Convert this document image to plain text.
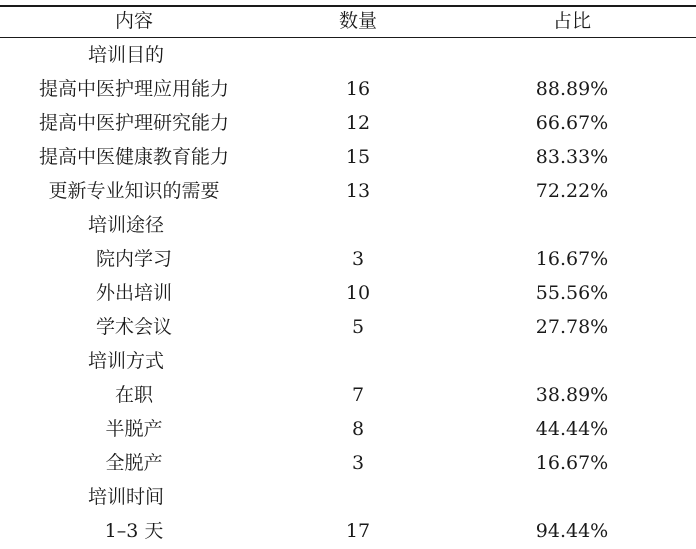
内容	数量	占比
培训目的
提高中医护理应用能力	16	88.89%
提高中医护理研究能力	12	66.67%
提高中医健康教育能力	15	83.33%
更新专业知识的需要	13	72.22%
培训途径
院内学习	3	16.67%
外出培训	10	55.56%
学术会议	5	27.78%
培训方式
在职	7	38.89%
半脱产	8	44.44%
全脱产	3	16.67%
培训时间
1–3 天	17	94.44%
